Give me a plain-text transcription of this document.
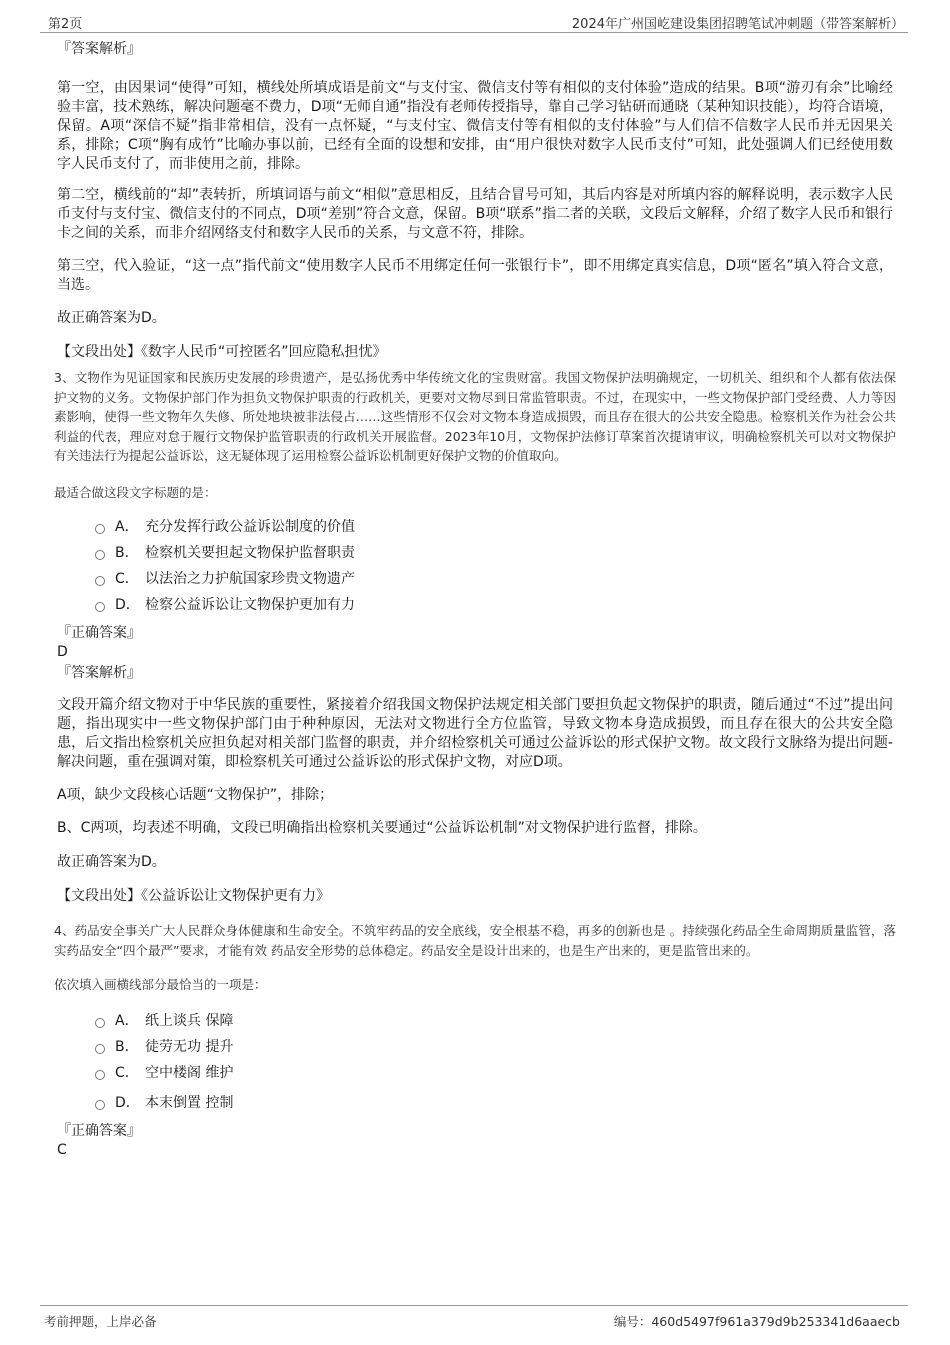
第2页	2024年广州国屹建设集团招聘笔试冲刺题（带答案解析）
『答案解析』

第一空，由因果词“使得”可知，横线处所填成语是前文“与支付宝、微信支付等有相似的支付体验”造成的结果。B项“游刃有余”比喻经验丰富，技术熟练，解决问题毫不费力，D项“无师自通”指没有老师传授指导，靠自己学习钻研而通晓（某种知识技能），均符合语境，保留。A项“深信不疑”指非常相信，没有一点怀疑，“与支付宝、微信支付等有相似的支付体验”与人们信不信数字人民币并无因果关系，排除；C项“胸有成竹”比喻办事以前，已经有全面的设想和安排，由“用户很快对数字人民币支付”可知，此处强调人们已经使用数字人民币支付了，而非使用之前，排除。

第二空，横线前的“却”表转折，所填词语与前文“相似”意思相反，且结合冒号可知，其后内容是对所填内容的解释说明，表示数字人民币支付与支付宝、微信支付的不同点，D项“差别”符合文意，保留。B项“联系”指二者的关联，文段后文解释，介绍了数字人民币和银行卡之间的关系，而非介绍网络支付和数字人民币的关系，与文意不符，排除。

第三空，代入验证，“这一点”指代前文“使用数字人民币不用绑定任何一张银行卡”，即不用绑定真实信息，D项“匿名”填入符合文意，当选。

故正确答案为D。
【文段出处】《数字人民币“可控匿名”回应隐私担忧》

3、文物作为见证国家和民族历史发展的珍贵遗产，是弘扬优秀中华传统文化的宝贵财富。我国文物保护法明确规定，一切机关、组织和个人都有依法保护文物的义务。文物保护部门作为担负文物保护职责的行政机关，更要对文物尽到日常监管职责。不过，在现实中，一些文物保护部门受经费、人力等因素影响，使得一些文物年久失修、所处地块被非法侵占……这些情形不仅会对文物本身造成损毁，而且存在很大的公共安全隐患。检察机关作为社会公共利益的代表，理应对怠于履行文物保护监管职责的行政机关开展监督。2023年10月，文物保护法修订草案首次提请审议，明确检察机关可以对文物保护有关违法行为提起公益诉讼，这无疑体现了运用检察公益诉讼机制更好保护文物的价值取向。

最适合做这段文字标题的是：
A． 充分发挥行政公益诉讼制度的价值
B． 检察机关要担起文物保护监督职责
C． 以法治之力护航国家珍贵文物遗产
D． 检察公益诉讼让文物保护更加有力
『正确答案』
D
『答案解析』

文段开篇介绍文物对于中华民族的重要性，紧接着介绍我国文物保护法规定相关部门要担负起文物保护的职责，随后通过“不过”提出问题，指出现实中一些文物保护部门由于种种原因，无法对文物进行全方位监管，导致文物本身造成损毁，而且存在很大的公共安全隐患，后文指出检察机关应担负起对相关部门监督的职责，并介绍检察机关可通过公益诉讼的形式保护文物。故文段行文脉络为提出问题-解决问题，重在强调对策，即检察机关可通过公益诉讼的形式保护文物，对应D项。

A项，缺少文段核心话题“文物保护”，排除；

B、C两项，均表述不明确，文段已明确指出检察机关要通过“公益诉讼机制”对文物保护进行监督，排除。

故正确答案为D。
【文段出处】《公益诉讼让文物保护更有力》

4、药品安全事关广大人民群众身体健康和生命安全。不筑牢药品的安全底线，安全根基不稳，再多的创新也是 。持续强化药品全生命周期质量监管，落实药品安全“四个最严”要求，才能有效 药品安全形势的总体稳定。药品安全是设计出来的，也是生产出来的，更是监管出来的。

依次填入画横线部分最恰当的一项是：
A． 纸上谈兵 保障
B． 徒劳无功 提升
C． 空中楼阁 维护
D． 本末倒置 控制
『正确答案』
C
考前押题，上岸必备	编号：460d5497f961a379d9b253341d6aaecb
